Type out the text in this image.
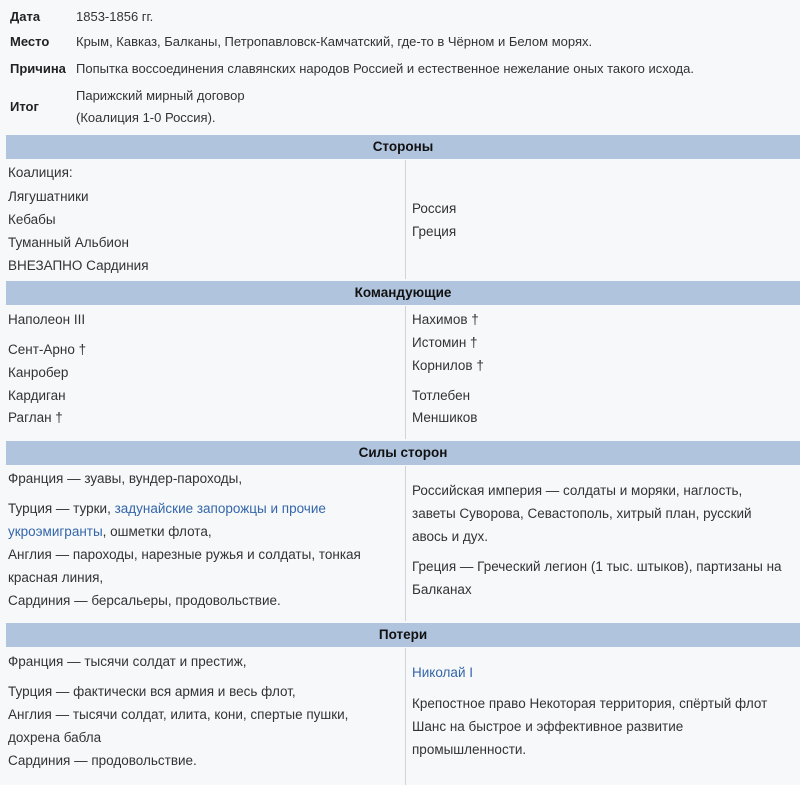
Дата	1853-1856 гг.
Место Крым, Кавказ, Балканы, Петропавловск-Камчатский, где-то в Чёрном и Белом морях.
Причина Попытка воссоединения славянских народов Россией и естественное нежелание оных такого исхода.
Итог
Парижский мирный договор
(Коалиция 1-0 Россия).
Стороны
Коалиция:
Лягушатники
Кебабы
Туманный Альбион
ВНЕЗАПНО Сардиния
Россия
Греция
Командующие
Наполеон III
Сент-Арно †
Канробер
Кардиган
Раглан †
Нахимов †
Истомин †
Корнилов †
Тотлебен
Меншиков
Силы сторон
Франция — зуавы, вундер-пароходы,
Турция — турки, задунайские запорожцы и прочие
укроэмигранты, ошметки флота,
Англия — пароходы, нарезные ружья и солдаты, тонкая
красная линия,
Сардиния — берсальеры, продовольствие.
Российская империя — солдаты и моряки, наглость,
заветы Суворова, Севастополь, хитрый план, русский
авось и дух.
Греция — Греческий легион (1 тыс. штыков), партизаны на
Балканах
Потери
Франция — тысячи солдат и престиж,
Турция — фактически вся армия и весь флот,
Англия — тысячи солдат, илита, кони, спертые пушки,
дохрена бабла
Сардиния — продовольствие.
Николай I
Крепостное право Некоторая территория, спёртый флот
Шанс на быстрое и эффективное развитие
промышленности.
